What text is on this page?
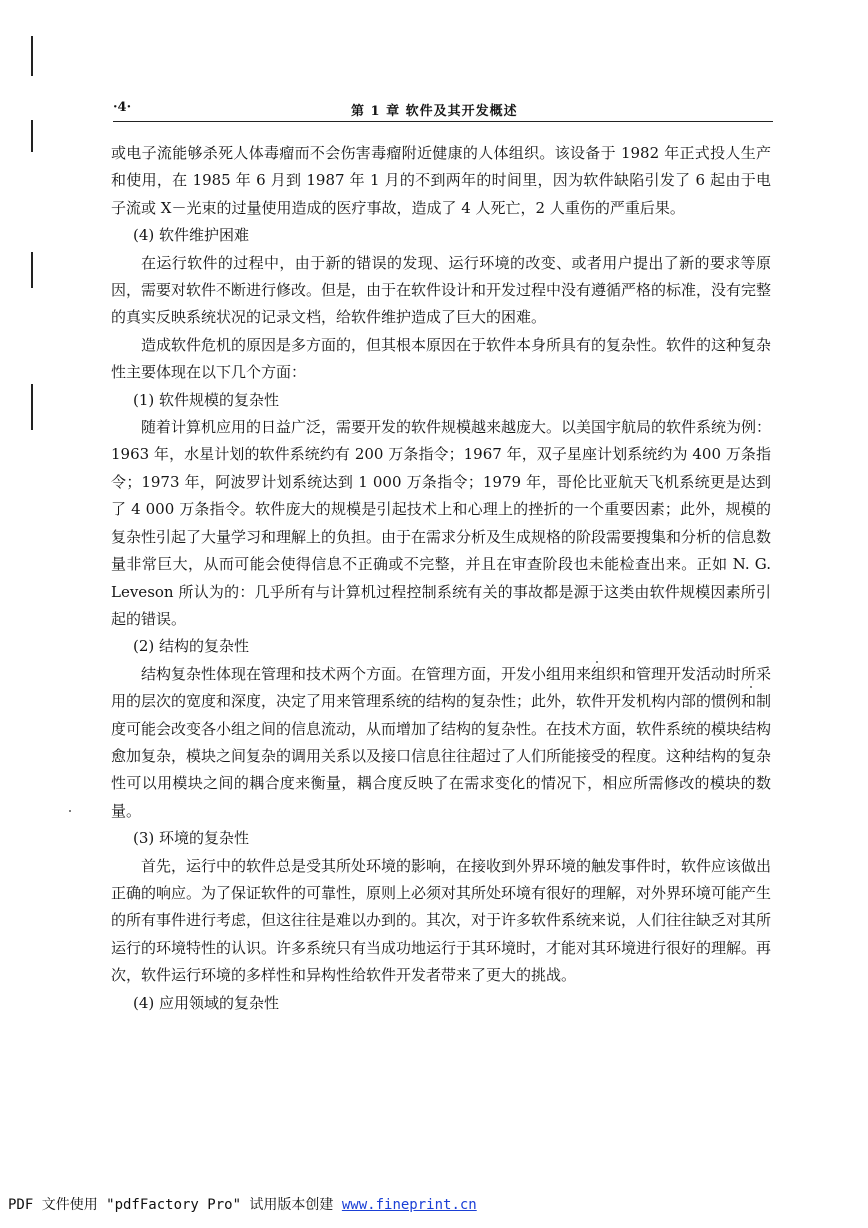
·4·	第 1 章 软件及其开发概述

或电子流能够杀死人体毒瘤而不会伤害毒瘤附近健康的人体组织。该设备于 1982 年正式投人生产和使用，在 1985 年 6 月到 1987 年 1 月的不到两年的时间里，因为软件缺陷引发了 6 起由于电子流或 X－光束的过量使用造成的医疗事故，造成了 4 人死亡，2 人重伤的严重后果。

(4) 软件维护困难

在运行软件的过程中，由于新的错误的发现、运行环境的改变、或者用户提出了新的要求等原因，需要对软件不断进行修改。但是，由于在软件设计和开发过程中没有遵循严格的标准，没有完整的真实反映系统状况的记录文档，给软件维护造成了巨大的困难。

造成软件危机的原因是多方面的，但其根本原因在于软件本身所具有的复杂性。软件的这种复杂性主要体现在以下几个方面：

(1) 软件规模的复杂性

随着计算机应用的日益广泛，需要开发的软件规模越来越庞大。以美国宇航局的软件系统为例：1963 年，水星计划的软件系统约有 200 万条指令；1967 年，双子星座计划系统约为 400 万条指令；1973 年，阿波罗计划系统达到 1 000 万条指令；1979 年，哥伦比亚航天飞机系统更是达到了 4 000 万条指令。软件庞大的规模是引起技术上和心理上的挫折的一个重要因素；此外，规模的复杂性引起了大量学习和理解上的负担。由于在需求分析及生成规格的阶段需要搜集和分析的信息数量非常巨大，从而可能会使得信息不正确或不完整，并且在审查阶段也未能检查出来。正如 N. G. Leveson 所认为的：几乎所有与计算机过程控制系统有关的事故都是源于这类由软件规模因素所引起的错误。

(2) 结构的复杂性

结构复杂性体现在管理和技术两个方面。在管理方面，开发小组用来组织和管理开发活动时所采用的层次的宽度和深度，决定了用来管理系统的结构的复杂性；此外，软件开发机构内部的惯例和制度可能会改变各小组之间的信息流动，从而增加了结构的复杂性。在技术方面，软件系统的模块结构愈加复杂，模块之间复杂的调用关系以及接口信息往往超过了人们所能接受的程度。这种结构的复杂性可以用模块之间的耦合度来衡量，耦合度反映了在需求变化的情况下，相应所需修改的模块的数量。

(3) 环境的复杂性

首先，运行中的软件总是受其所处环境的影响，在接收到外界环境的触发事件时，软件应该做出正确的响应。为了保证软件的可靠性，原则上必须对其所处环境有很好的理解，对外界环境可能产生的所有事件进行考虑，但这往往是难以办到的。其次，对于许多软件系统来说，人们往往缺乏对其所运行的环境特性的认识。许多系统只有当成功地运行于其环境时，才能对其环境进行很好的理解。再次，软件运行环境的多样性和异构性给软件开发者带来了更大的挑战。

(4) 应用领域的复杂性

PDF 文件使用 "pdfFactory Pro" 试用版本创建 www.fineprint.cn
